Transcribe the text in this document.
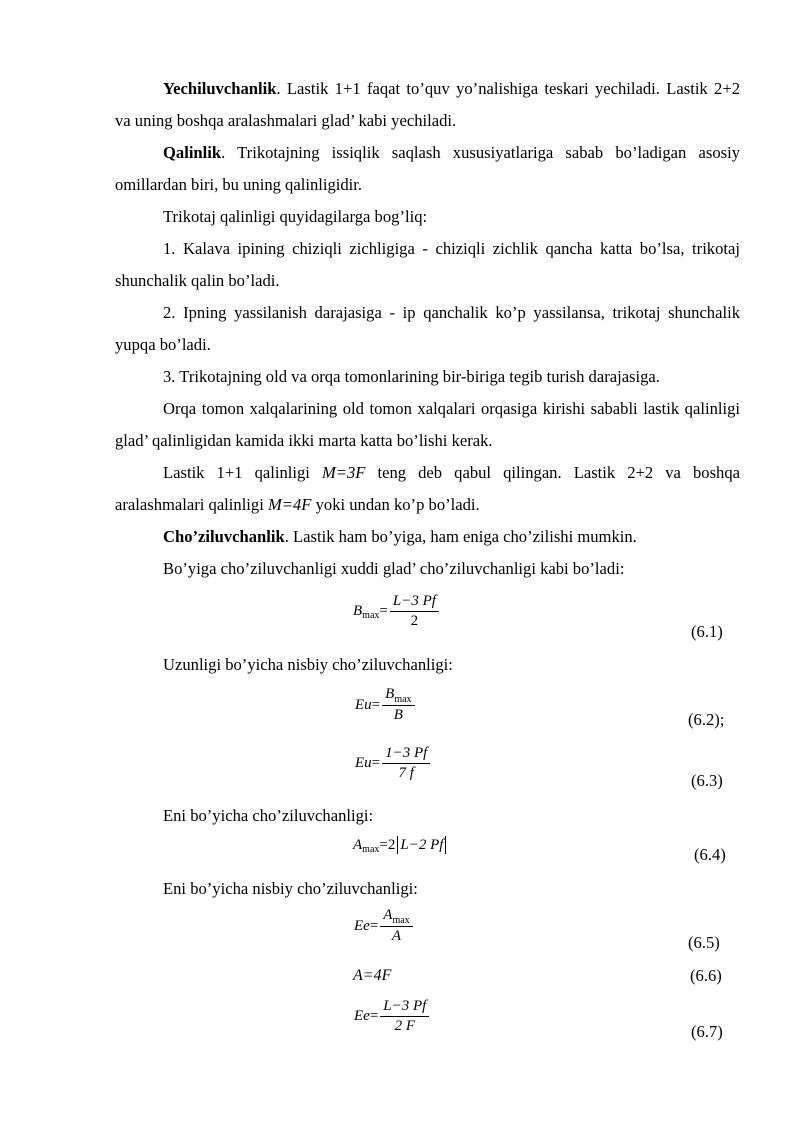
Yechiluvchanlik. Lastik 1+1 faqat to’quv yo’nalishiga teskari yechiladi. Lastik 2+2 va uning boshqa aralashmalari glad’ kabi yechiladi.

Qalinlik. Trikotajning issiqlik saqlash xususiyatlariga sabab bo’ladigan asosiy omillardan biri, bu uning qalinligidir.

Trikotaj qalinligi quyidagilarga bog’liq:

1. Kalava ipining chiziqli zichligiga - chiziqli zichlik qancha katta bo’lsa, trikotaj shunchalik qalin bo’ladi.

2. Ipning yassilanish darajasiga - ip qanchalik ko’p yassilansa, trikotaj shunchalik yupqa bo’ladi.

3. Trikotajning old va orqa tomonlarining bir-biriga tegib turish darajasiga.

Orqa tomon xalqalarining old tomon xalqalari orqasiga kirishi sababli lastik qalinligi glad’ qalinligidan kamida ikki marta katta bo’lishi kerak.

Lastik 1+1 qalinligi M=3F teng deb qabul qilingan. Lastik 2+2 va boshqa aralashmalari qalinligi M=4F yoki undan ko’p bo’ladi.

Cho’ziluvchanlik. Lastik ham bo’yiga, ham eniga cho’zilishi mumkin.

Bo’yiga cho’ziluvchanligi xuddi glad’ cho’ziluvchanligi kabi bo’ladi:

B $\max = \frac{L-3 Pf}{2}$
(6.1)

Uzunligi bo’yicha nisbiy cho’ziluvchanligi:

$Eu = \frac{B_{max}}{B}$	(6.2);
$Eu = \frac{1-3 Pf}{7 f}$	(6.3)

Eni bo’yicha cho’ziluvchanligi:

A max =2 L−2 Pf
(6.4)

Eni bo’yicha nisbiy cho’ziluvchanligi:

$Ee = \frac{A_{max}}{A}$	(6.5)
A=4F	(6.6)
$Ee = \frac{L-3 Pf}{2 F}$	(6.7)
